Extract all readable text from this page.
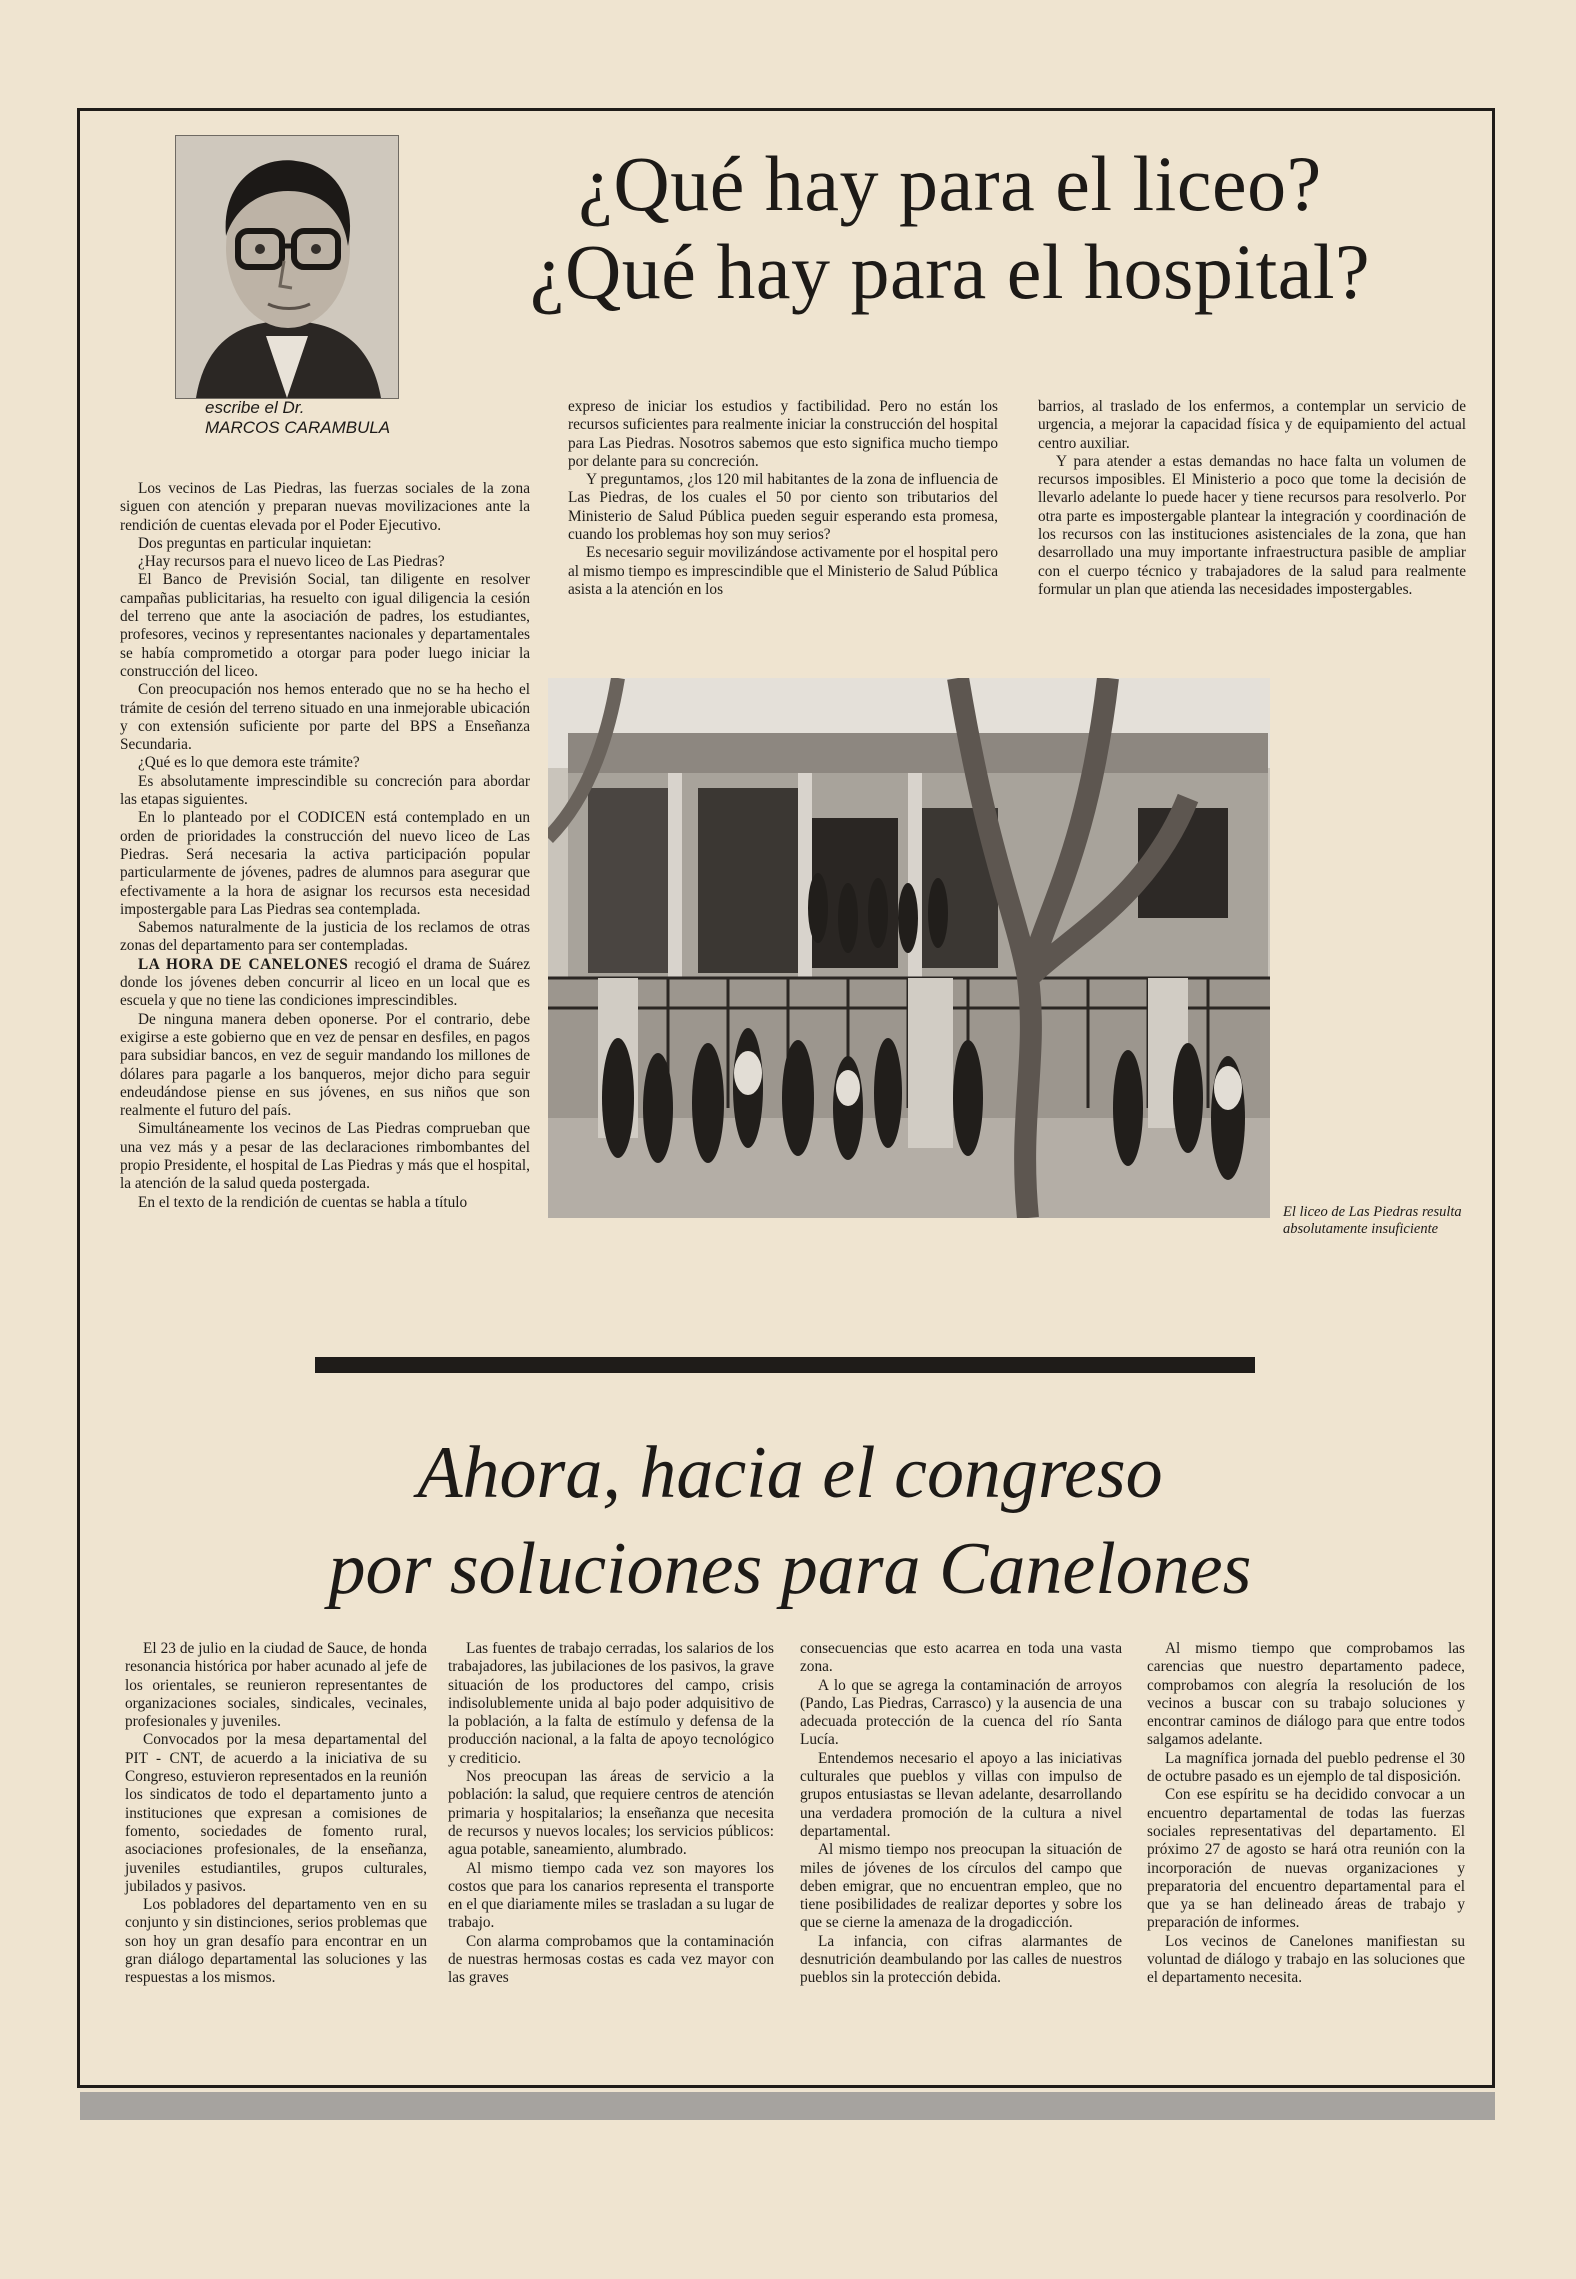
escribe el Dr.
MARCOS CARAMBULA
¿Qué hay para el liceo?
¿Qué hay para el hospital?

Los vecinos de Las Piedras, las fuerzas sociales de la zona siguen con atención y preparan nuevas movilizaciones ante la rendición de cuentas elevada por el Poder Ejecutivo.

Dos preguntas en particular inquietan:

¿Hay recursos para el nuevo liceo de Las Piedras?

El Banco de Previsión Social, tan diligente en resolver campañas publicitarias, ha resuelto con igual diligencia la cesión del terreno que ante la asociación de padres, los estudiantes, profesores, vecinos y representantes nacionales y departamentales se había comprometido a otorgar para poder luego iniciar la construcción del liceo.

Con preocupación nos hemos enterado que no se ha hecho el trámite de cesión del terreno situado en una inmejorable ubicación y con extensión suficiente por parte del BPS a Enseñanza Secundaria.

¿Qué es lo que demora este trámite?

Es absolutamente imprescindible su concreción para abordar las etapas siguientes.

En lo planteado por el CODICEN está contemplado en un orden de prioridades la construcción del nuevo liceo de Las Piedras. Será necesaria la activa participación popular particularmente de jóvenes, padres de alumnos para asegurar que efectivamente a la hora de asignar los recursos esta necesidad impostergable para Las Piedras sea contemplada.

Sabemos naturalmente de la justicia de los reclamos de otras zonas del departamento para ser contempladas.

LA HORA DE CANELONES recogió el drama de Suárez donde los jóvenes deben concurrir al liceo en un local que es escuela y que no tiene las condiciones imprescindibles.

De ninguna manera deben oponerse. Por el contrario, debe exigirse a este gobierno que en vez de pensar en desfiles, en pagos para subsidiar bancos, en vez de seguir mandando los millones de dólares para pagarle a los banqueros, mejor dicho para seguir endeudándose piense en sus jóvenes, en sus niños que son realmente el futuro del país.

Simultáneamente los vecinos de Las Piedras comprueban que una vez más y a pesar de las declaraciones rimbombantes del propio Presidente, el hospital de Las Piedras y más que el hospital, la atención de la salud queda postergada.

En el texto de la rendición de cuentas se habla a título

expreso de iniciar los estudios y factibilidad. Pero no están los recursos suficientes para realmente iniciar la construcción del hospital para Las Piedras. Nosotros sabemos que esto significa mucho tiempo por delante para su concreción.

Y preguntamos, ¿los 120 mil habitantes de la zona de influencia de Las Piedras, de los cuales el 50 por ciento son tributarios del Ministerio de Salud Pública pueden seguir esperando esta promesa, cuando los problemas hoy son muy serios?

Es necesario seguir movilizándose activamente por el hospital pero al mismo tiempo es imprescindible que el Ministerio de Salud Pública asista a la atención en los

barrios, al traslado de los enfermos, a contemplar un servicio de urgencia, a mejorar la capacidad física y de equipamiento del actual centro auxiliar.

Y para atender a estas demandas no hace falta un volumen de recursos imposibles. El Ministerio a poco que tome la decisión de llevarlo adelante lo puede hacer y tiene recursos para resolverlo. Por otra parte es impostergable plantear la integración y coordinación de los recursos con las instituciones asistenciales de la zona, que han desarrollado una muy importante infraestructura pasible de ampliar con el cuerpo técnico y trabajadores de la salud para realmente formular un plan que atienda las necesidades impostergables.

El liceo de Las Piedras resulta absolutamente insuficiente
Ahora, hacia el congreso
por soluciones para Canelones

El 23 de julio en la ciudad de Sauce, de honda resonancia histórica por haber acunado al jefe de los orientales, se reunieron representantes de organizaciones sociales, sindicales, vecinales, profesionales y juveniles.

Convocados por la mesa departamental del PIT - CNT, de acuerdo a la iniciativa de su Congreso, estuvieron representados en la reunión los sindicatos de todo el departamento junto a instituciones que expresan a comisiones de fomento, sociedades de fomento rural, asociaciones profesionales, de la enseñanza, juveniles estudiantiles, grupos culturales, jubilados y pasivos.

Los pobladores del departamento ven en su conjunto y sin distinciones, serios problemas que son hoy un gran desafío para encontrar en un gran diálogo departamental las soluciones y las respuestas a los mismos.

Las fuentes de trabajo cerradas, los salarios de los trabajadores, las jubilaciones de los pasivos, la grave situación de los productores del campo, crisis indisolublemente unida al bajo poder adquisitivo de la población, a la falta de estímulo y defensa de la producción nacional, a la falta de apoyo tecnológico y crediticio.

Nos preocupan las áreas de servicio a la población: la salud, que requiere centros de atención primaria y hospitalarios; la enseñanza que necesita de recursos y nuevos locales; los servicios públicos: agua potable, saneamiento, alumbrado.

Al mismo tiempo cada vez son mayores los costos que para los canarios representa el transporte en el que diariamente miles se trasladan a su lugar de trabajo.

Con alarma comprobamos que la contaminación de nuestras hermosas costas es cada vez mayor con las graves

consecuencias que esto acarrea en toda una vasta zona.

A lo que se agrega la contaminación de arroyos (Pando, Las Piedras, Carrasco) y la ausencia de una adecuada protección de la cuenca del río Santa Lucía.

Entendemos necesario el apoyo a las iniciativas culturales que pueblos y villas con impulso de grupos entusiastas se llevan adelante, desarrollando una verdadera promoción de la cultura a nivel departamental.

Al mismo tiempo nos preocupan la situación de miles de jóvenes de los círculos del campo que deben emigrar, que no encuentran empleo, que no tiene posibilidades de realizar deportes y sobre los que se cierne la amenaza de la drogadicción.

La infancia, con cifras alarmantes de desnutrición deambulando por las calles de nuestros pueblos sin la protección debida.

Al mismo tiempo que comprobamos las carencias que nuestro departamento padece, comprobamos con alegría la resolución de los vecinos a buscar con su trabajo soluciones y encontrar caminos de diálogo para que entre todos salgamos adelante.

La magnífica jornada del pueblo pedrense el 30 de octubre pasado es un ejemplo de tal disposición.

Con ese espíritu se ha decidido convocar a un encuentro departamental de todas las fuerzas sociales representativas del departamento. El próximo 27 de agosto se hará otra reunión con la incorporación de nuevas organizaciones y preparatoria del encuentro departamental para el que ya se han delineado áreas de trabajo y preparación de informes.

Los vecinos de Canelones manifiestan su voluntad de diálogo y trabajo en las soluciones que el departamento necesita.
